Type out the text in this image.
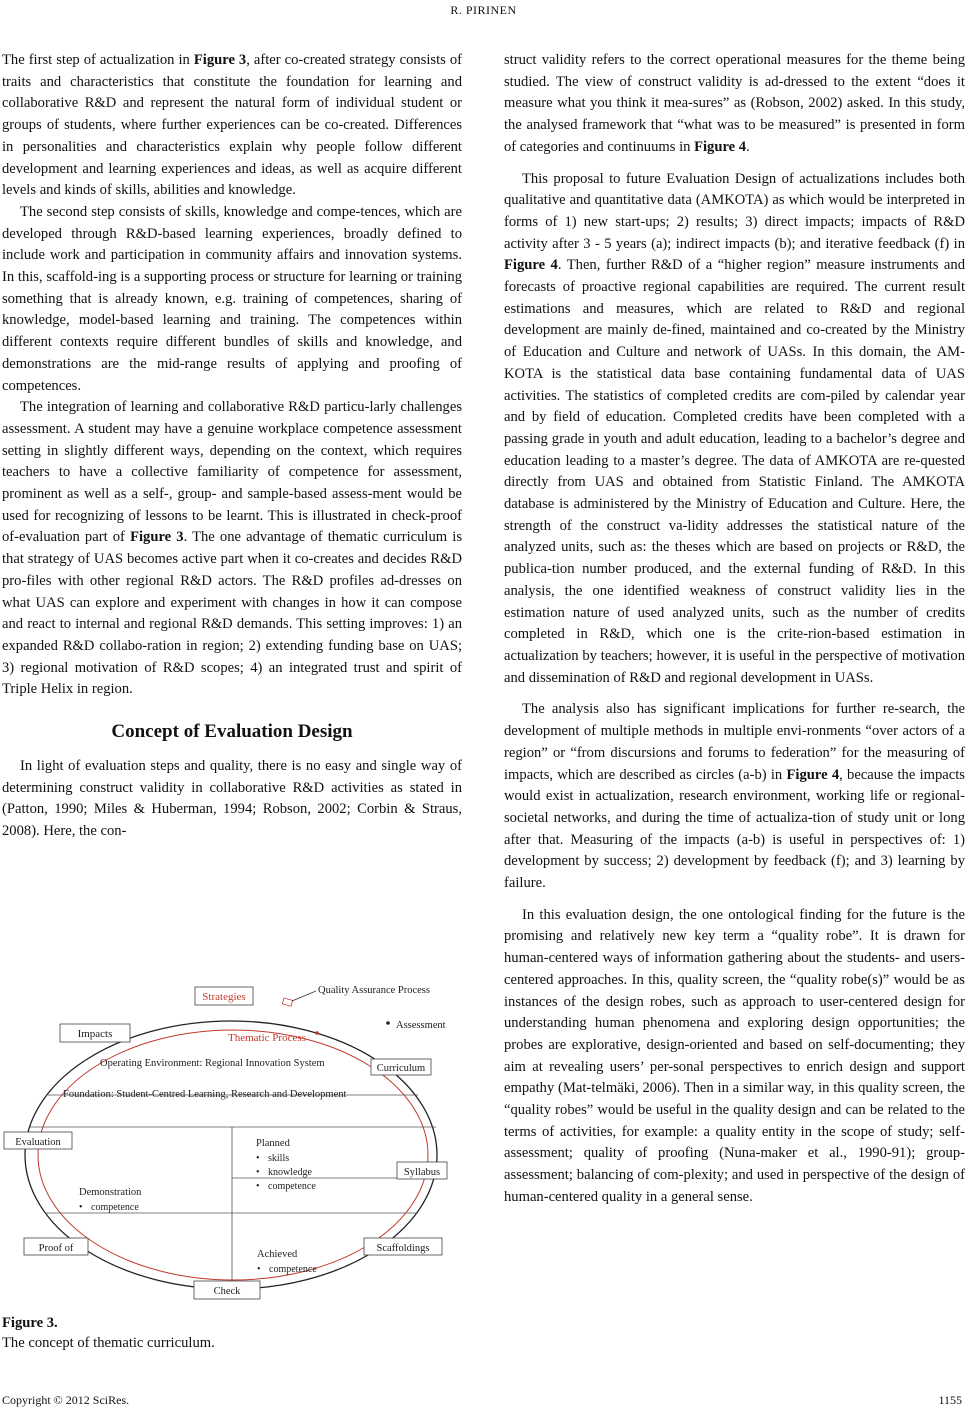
R. PIRINEN

The first step of actualization in Figure 3, after co-created strategy consists of traits and characteristics that constitute the foundation for learning and collaborative R&D and represent the natural form of individual student or groups of students, where further experiences can be co-created. Differences in personalities and characteristics explain why people follow different development and learning experiences and ideas, as well as acquire different levels and kinds of skills, abilities and knowledge.

The second step consists of skills, knowledge and compe-tences, which are developed through R&D-based learning experiences, broadly defined to include work and participation in community affairs and innovation systems. In this, scaffold-ing is a supporting process or structure for learning or training something that is already known, e.g. training of competences, sharing of knowledge, model-based learning and training. The competences within different contexts require different bundles of skills and knowledge, and demonstrations are the mid-range results of applying and proofing of competences.

The integration of learning and collaborative R&D particu-larly challenges assessment. A student may have a genuine workplace competence assessment setting in slightly different ways, depending on the context, which requires teachers to have a collective familiarity of competence for assessment, prominent as well as a self-, group- and sample-based assess-ment would be used for recognizing of lessons to be learnt. This is illustrated in check-proof of-evaluation part of Figure 3. The one advantage of thematic curriculum is that strategy of UAS becomes active part when it co-creates and decides R&D pro-files with other regional R&D actors. The R&D profiles ad-dresses on what UAS can explore and experiment with changes in how it can compose and react to internal and regional R&D demands. This setting improves: 1) an expanded R&D collabo-ration in region; 2) extending funding base on UAS; 3) regional motivation of R&D scopes; 4) an integrated trust and spirit of Triple Helix in region.

Concept of Evaluation Design

In light of evaluation steps and quality, there is no easy and single way of determining construct validity in collaborative R&D activities as stated in (Patton, 1990; Miles & Huberman, 1994; Robson, 2002; Corbin & Straus, 2008). Here, the con-

Strategies
Quality Assurance Process
Assessment
Impacts	Thematic Process
Operating Environment: Regional Innovation System	Curriculum
Foundation: Student-Centred Learning, Research and Development
Evaluation	Planned
• skills
• knowledge
• competence
Syllabus
Demonstration
• competence
Proof of	Scaffoldings
Achieved
• competence
Check
Figure 3.
The concept of thematic curriculum.

struct validity refers to the correct operational measures for the theme being studied. The view of construct validity is ad-dressed to the extent “does it measure what you think it mea-sures” as (Robson, 2002) asked. In this study, the analysed framework that “what was to be measured” is presented in form of categories and continuums in Figure 4.

This proposal to future Evaluation Design of actualizations includes both qualitative and quantitative data (AMKOTA) as which would be interpreted in forms of 1) new start-ups; 2) results; 3) direct impacts; impacts of R&D activity after 3 - 5 years (a); indirect impacts (b); and iterative feedback (f) in Figure 4. Then, further R&D of a “higher region” measure instruments and forecasts of proactive regional capabilities are required. The current result estimations and measures, which are related to R&D and regional development are mainly de-fined, maintained and co-created by the Ministry of Education and Culture and network of UASs. In this domain, the AM-KOTA is the statistical data base containing fundamental data of UAS activities. The statistics of completed credits are com-piled by calendar year and by field of education. Completed credits have been completed with a passing grade in youth and adult education, leading to a bachelor’s degree and education leading to a master’s degree. The data of AMKOTA are re-quested directly from UAS and obtained from Statistic Finland. The AMKOTA database is administered by the Ministry of Education and Culture. Here, the strength of the construct va-lidity addresses the statistical nature of the analyzed units, such as: the theses which are based on projects or R&D, the publica-tion number produced, and the external funding of R&D. In this analysis, the one identified weakness of construct validity lies in the estimation nature of used analyzed units, such as the number of credits completed in R&D, which one is the crite-rion-based estimation in actualization by teachers; however, it is useful in the perspective of motivation and dissemination of R&D and regional development in UASs.

The analysis also has significant implications for further re-search, the development of multiple methods in multiple envi-ronments “over actors of a region” or “from discursions and forums to federation” for the measuring of impacts, which are described as circles (a-b) in Figure 4, because the impacts would exist in actualization, research environment, working life or regional-societal networks, and during the time of actualiza-tion of study unit or long after that. Measuring of the impacts (a-b) is useful in perspectives of: 1) development by success; 2) development by feedback (f); and 3) learning by failure.

In this evaluation design, the one ontological finding for the future is the promising and relatively new key term a “quality robe”. It is drawn for human-centered ways of information gathering about the students- and users-centered approaches. In this, quality screen, the “quality robe(s)” would be as instances of the design robes, such as approach to user-centered design for understanding human phenomena and exploring design opportunities; the probes are explorative, design-oriented and based on self-documenting; they aim at revealing users’ per-sonal perspectives to enrich design and support empathy (Mat-telmäki, 2006). Then in a similar way, in this quality screen, the “quality robes” would be useful in the quality design and can be related to the terms of activities, for example: a quality entity in the scope of study; self-assessment; quality of proofing (Nuna-maker et al., 1990-91); group-assessment; balancing of com-plexity; and used in perspective of the design of human-centered quality in a general sense.

Copyright © 2012 SciRes.	1155
